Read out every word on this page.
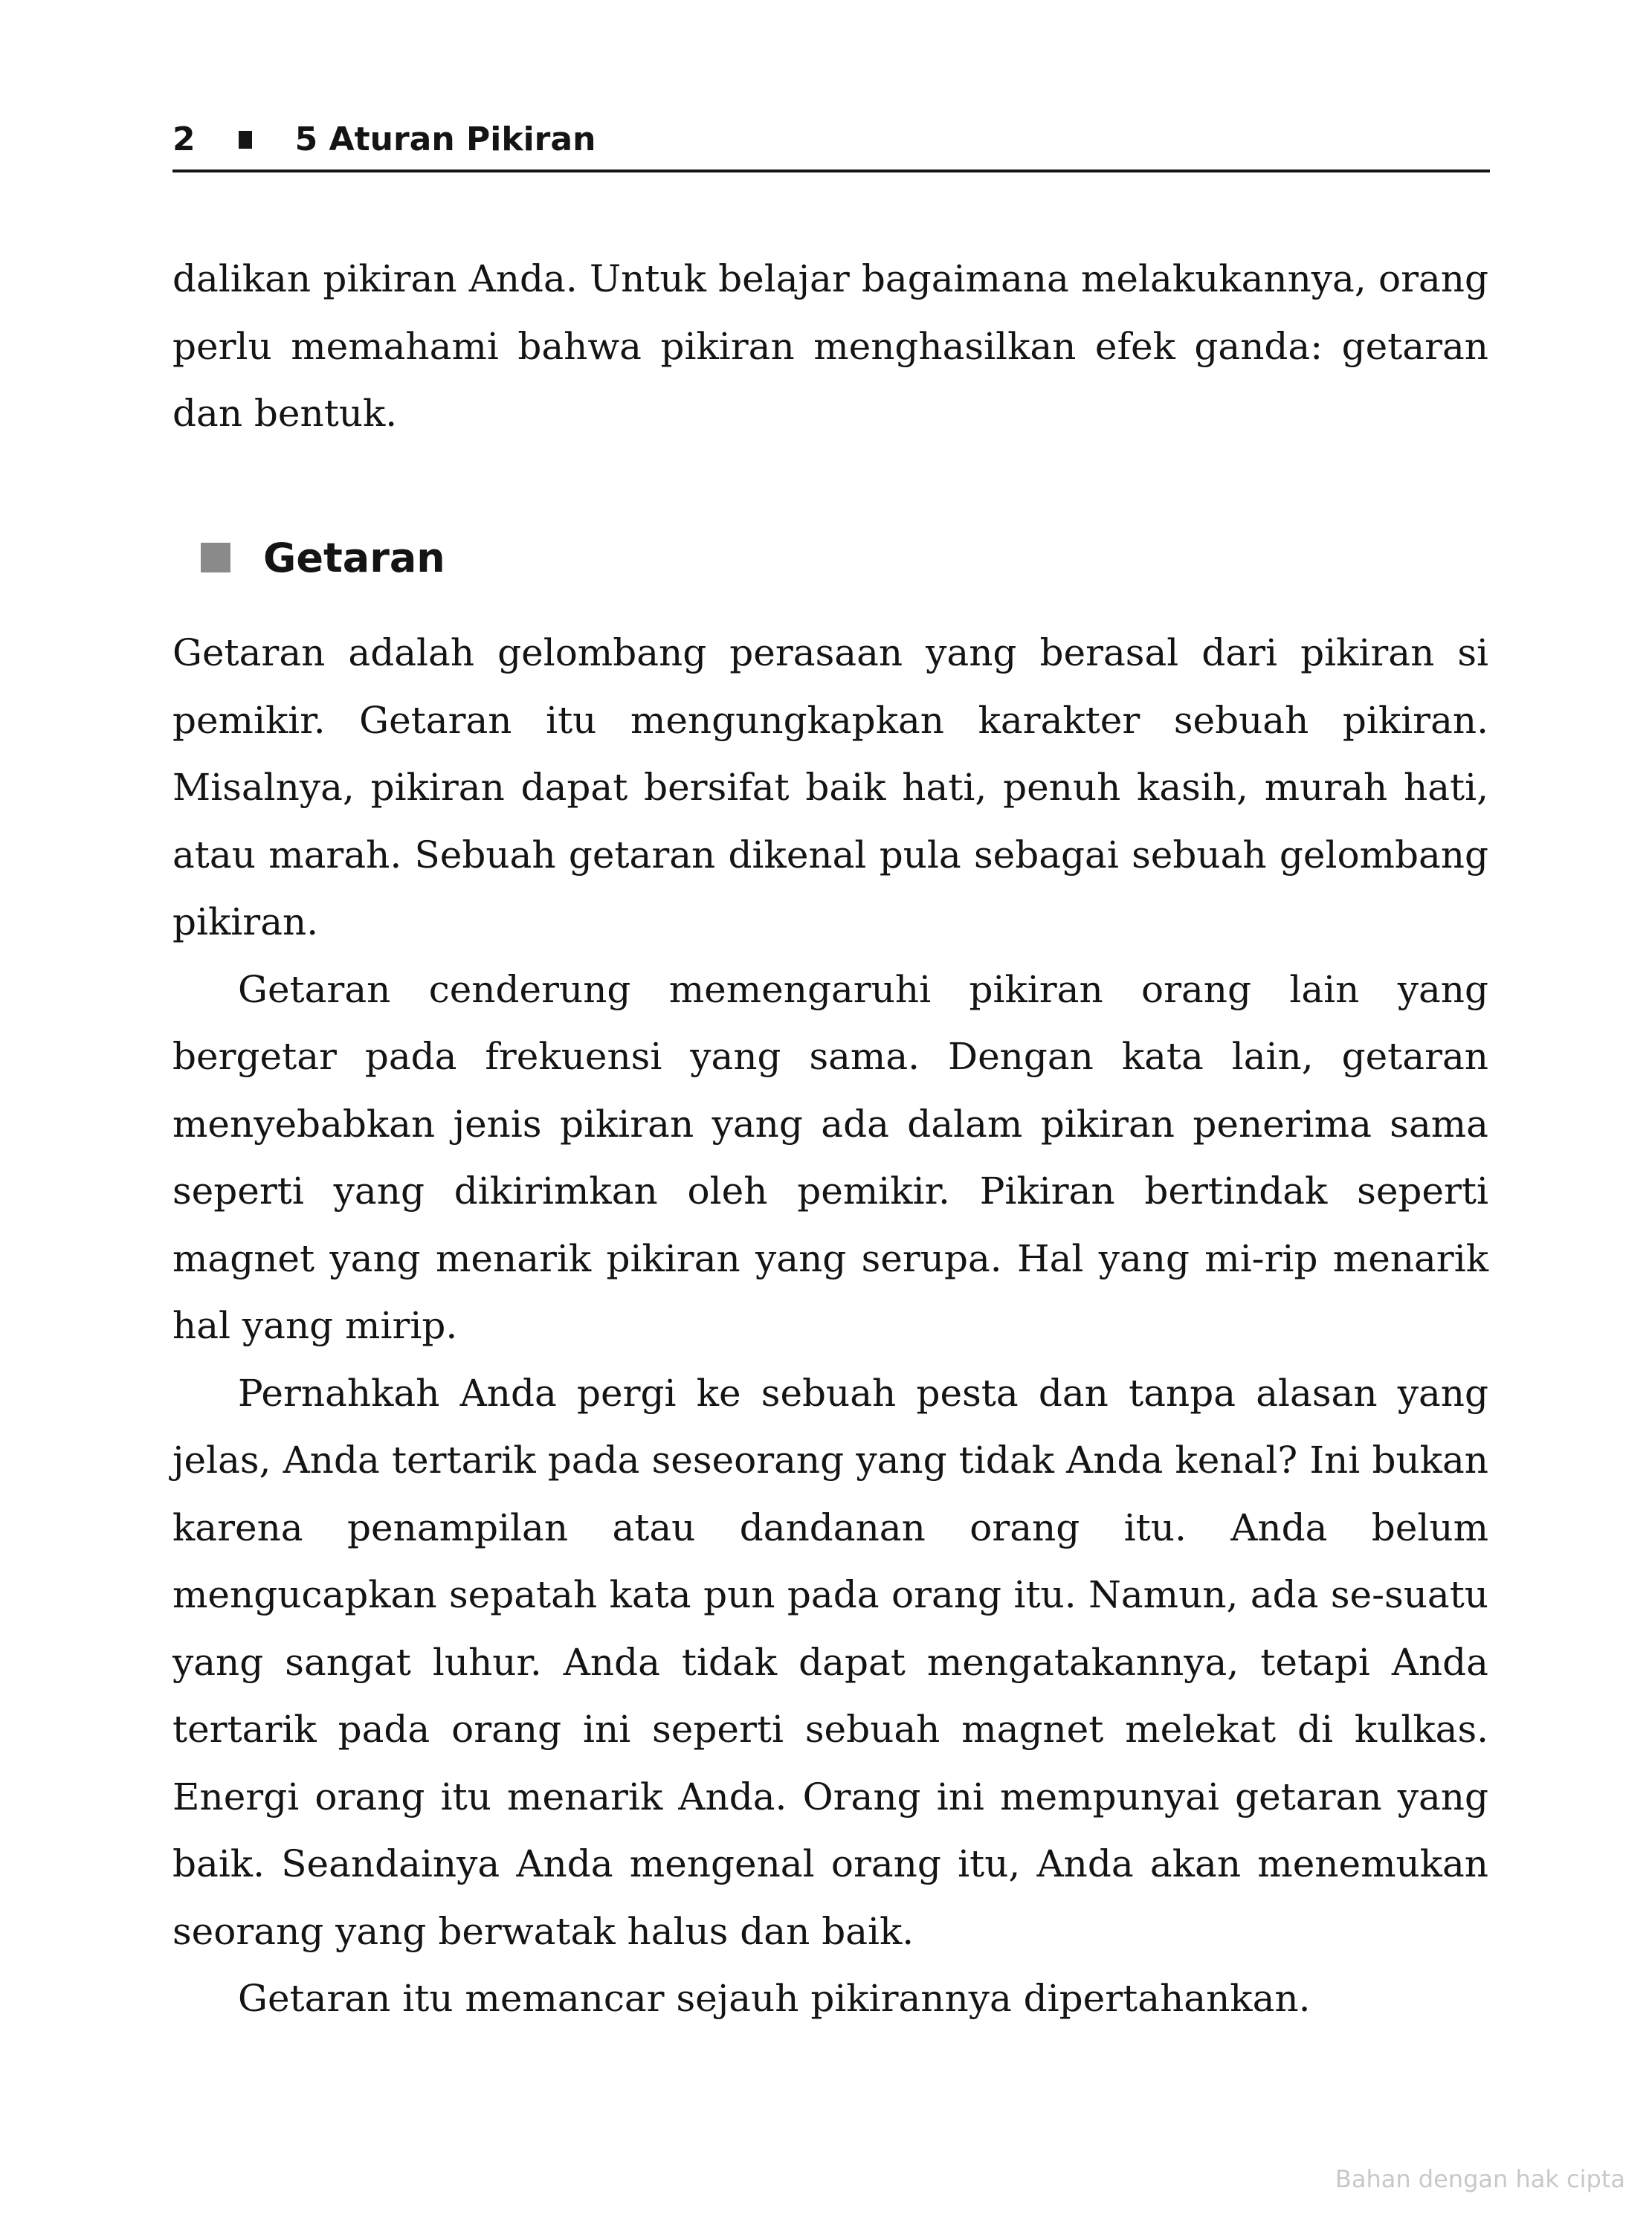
2	5 Aturan Pikiran

dalikan pikiran Anda. Untuk belajar bagaimana melakukannya, orang perlu memahami bahwa pikiran menghasilkan efek ganda: getaran dan bentuk.

Getaran

Getaran adalah gelombang perasaan yang berasal dari pikiran si pemikir. Getaran itu mengungkapkan karakter sebuah pikiran. Misalnya, pikiran dapat bersifat baik hati, penuh kasih, murah hati, atau marah. Sebuah getaran dikenal pula sebagai sebuah gelombang pikiran.

Getaran cenderung memengaruhi pikiran orang lain yang bergetar pada frekuensi yang sama. Dengan kata lain, getaran menyebabkan jenis pikiran yang ada dalam pikiran penerima sama seperti yang dikirimkan oleh pemikir. Pikiran bertindak seperti magnet yang menarik pikiran yang serupa. Hal yang mi-rip menarik hal yang mirip.

Pernahkah Anda pergi ke sebuah pesta dan tanpa alasan yang jelas, Anda tertarik pada seseorang yang tidak Anda kenal? Ini bukan karena penampilan atau dandanan orang itu. Anda belum mengucapkan sepatah kata pun pada orang itu. Namun, ada se-suatu yang sangat luhur. Anda tidak dapat mengatakannya, tetapi Anda tertarik pada orang ini seperti sebuah magnet melekat di kulkas. Energi orang itu menarik Anda. Orang ini mempunyai getaran yang baik. Seandainya Anda mengenal orang itu, Anda akan menemukan seorang yang berwatak halus dan baik.

Getaran itu memancar sejauh pikirannya dipertahankan.

Bahan dengan hak cipta
